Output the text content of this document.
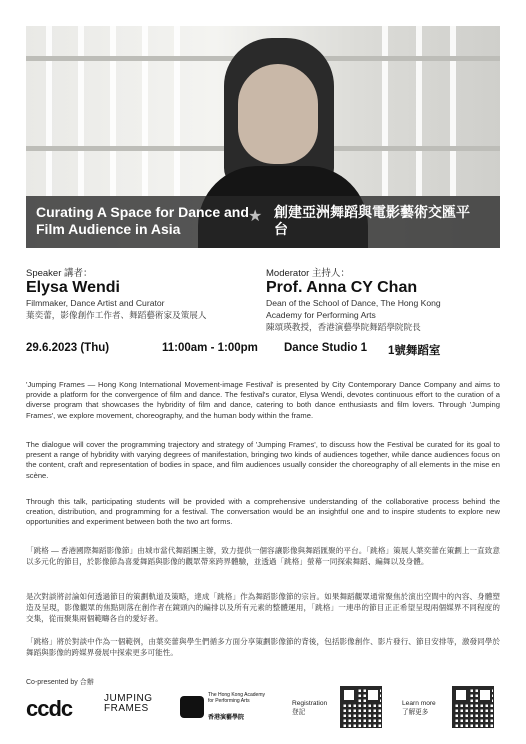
Curating A Space for Dance and Film Audience in Asia
★ 創建亞洲舞蹈與電影藝術交匯平台
Speaker 講者：
Elysa Wendi
Filmmaker, Dance Artist and Curator
葉奕蕾，影像創作工作者、舞蹈藝術家及策展人
Moderator 主持人：
Prof. Anna CY Chan
Dean of the School of Dance, The Hong Kong Academy for Performing Arts
陳頌瑛教授，香港演藝學院舞蹈學院院長
29.6.2023 (Thu)	11:00am - 1:00pm Dance Studio 1 1號舞蹈室
'Jumping Frames — Hong Kong International Movement-image Festival' is presented by City Contemporary Dance Company and aims to provide a platform for the convergence of film and dance. The festival's curator, Elysa Wendi, devotes continuous effort to the curation of a diverse program that showcases the hybridity of film and dance, catering to both dance enthusiasts and film lovers. Through 'Jumping Frames', we explore movement, choreography, and the human body within the frame.
The dialogue will cover the programming trajectory and strategy of 'Jumping Frames', to discuss how the Festival be curated for its goal to present a range of hybridity with varying degrees of manifestation, bringing two kinds of audiences together, while dance audiences focus on the content, craft and representation of bodies in space, and film audiences usually consider the choreography of all elements in the mise en scène.
Through this talk, participating students will be provided with a comprehensive understanding of the collaborative process behind the creation, distribution, and programming for a festival. The conversation would be an insightful one and to inspire students to explore new opportunities and experiment between both the two art forms.
「跳格 — 香港國際舞蹈影像節」由城市當代舞蹈團主辦，致力提供一個容讓影像與舞蹈匯聚的平台。「跳格」策展人葉奕蕾在策劃上一直致意以多元化的節目，於影像節為喜愛舞蹈與影像的觀眾帶來跨界體驗，並透過「跳格」螢幕一同探索舞蹈、編舞以及身體。
是次對談將討論如何透過節目的策劃軌道及策略，達成「跳格」作為舞蹈影像節的宗旨。如果舞蹈觀眾通常聚焦於演出空間中的內容、身體塑造及呈現，影像觀眾的焦點則落在創作者在鏡頭內的編排以及所有元素的整體運用，「跳格」一連串的節目正正希望呈現兩個媒界不同程度的交集，從而聚集兩個範疇各自的愛好者。
「跳格」將於對談中作為一個範例，由葉奕蕾與學生們循多方面分享策劃影像節的背後，包括影像創作、影片發行、節目安排等，激發同學於舞蹈與影像的跨媒界發展中探索更多可能性。
Co-presented by 合辦
ccdc	JUMPING
FRAMES
The Hong Kong Academy for Performing Arts
香港演藝學院
Registration
登記
Learn more
了解更多
